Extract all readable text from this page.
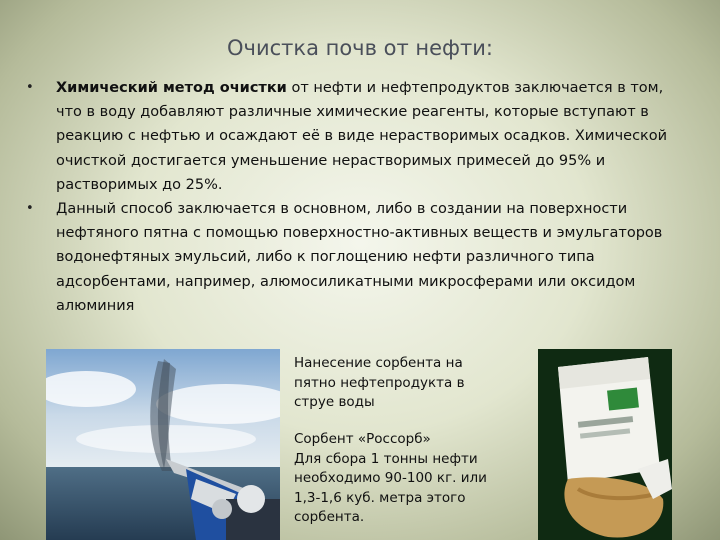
Очистка почв от нефти:
• Химический метод очистки от нефти и нефтепродуктов заключается в том, что в воду добавляют различные химические реагенты, которые вступают в реакцию с нефтью и осаждают её в виде нерастворимых осадков. Химической очисткой достигается уменьшение нерастворимых примесей до 95% и растворимых до 25%.
• Данный способ заключается в основном, либо в создании на поверхности нефтяного пятна с помощью поверхностно-активных веществ и эмульгаторов водонефтяных эмульсий, либо к поглощению нефти различного типа адсорбентами, например, алюмосиликатными микросферами или оксидом алюминия
Нанесение сорбента на пятно нефтепродукта в струе воды
Сорбент «Россорб»
Для сбора 1 тонны нефти
необходимо 90-100 кг. или
1,3-1,6 куб. метра этого
сорбента.
